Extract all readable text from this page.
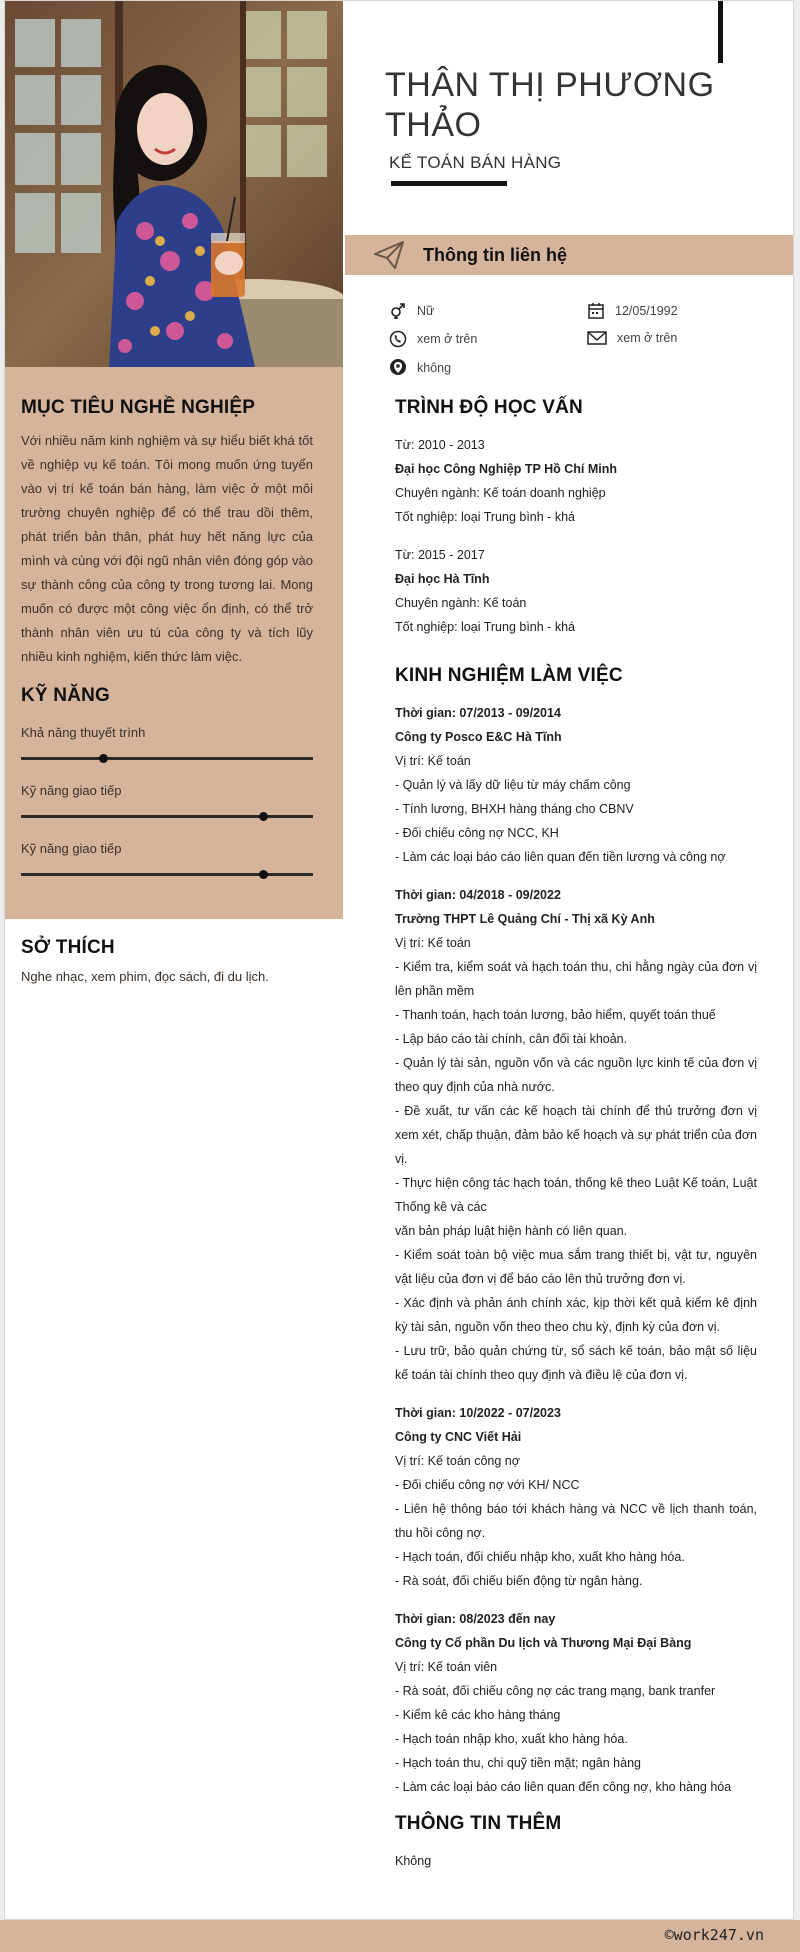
MỤC TIÊU NGHỀ NGHIỆP

Với nhiều năm kinh nghiệm và sự hiểu biết khá tốt về nghiệp vụ kế toán. Tôi mong muốn ứng tuyển vào vị trí kế toán bán hàng, làm việc ở một môi trường chuyên nghiệp để có thể trau dồi thêm, phát triển bản thân, phát huy hết năng lực của mình và cùng với đội ngũ nhân viên đóng góp vào sự thành công của công ty trong tương lai. Mong muốn có được một công việc ổn định, có thể trở thành nhân viên ưu tú của công ty và tích lũy nhiều kinh nghiệm, kiến thức làm việc.

KỸ NĂNG
Khả năng thuyết trình
Kỹ năng giao tiếp
Kỹ năng giao tiếp
SỞ THÍCH

Nghe nhạc, xem phim, đọc sách, đi du lịch.

THÂN THỊ PHƯƠNG THẢO
KẾ TOÁN BÁN HÀNG
Thông tin liên hệ
Nữ	12/05/1992
xem ở trên	xem ở trên
không
TRÌNH ĐỘ HỌC VẤN

Từ: 2010 - 2013

Đại học Công Nghiệp TP Hồ Chí Minh

Chuyên ngành: Kế toán doanh nghiệp

Tốt nghiệp: loại Trung bình - khá

Từ: 2015 - 2017

Đại học Hà Tĩnh

Chuyên ngành: Kế toán

Tốt nghiệp: loại Trung bình - khá

KINH NGHIỆM LÀM VIỆC

Thời gian: 07/2013 - 09/2014

Công ty Posco E&C Hà Tĩnh

Vị trí: Kế toán

- Quản lý và lấy dữ liệu từ máy chấm công

- Tính lương, BHXH hàng tháng cho CBNV

- Đối chiếu công nợ NCC, KH

- Làm các loại báo cáo liên quan đến tiền lương và công nợ

Thời gian: 04/2018 - 09/2022

Trường THPT Lê Quảng Chí - Thị xã Kỳ Anh

Vị trí: Kế toán

- Kiểm tra, kiểm soát và hạch toán thu, chi hằng ngày của đơn vị lên phần mềm

- Thanh toán, hạch toán lương, bảo hiểm, quyết toán thuế

- Lập báo cáo tài chính, cân đối tài khoản.

- Quản lý tài sản, nguồn vốn và các nguồn lực kinh tế của đơn vị theo quy định của nhà nước.

- Đề xuất, tư vấn các kế hoạch tài chính để thủ trưởng đơn vị xem xét, chấp thuận, đảm bảo kế hoạch và sự phát triển của đơn vị.

- Thực hiện công tác hạch toán, thống kê theo Luật Kế toán, Luật Thống kê và các

văn bản pháp luật hiện hành có liên quan.

- Kiểm soát toàn bộ việc mua sắm trang thiết bị, vật tư, nguyên vật liệu của đơn vị để báo cáo lên thủ trưởng đơn vị.

- Xác định và phản ánh chính xác, kịp thời kết quả kiểm kê định kỳ tài sản, nguồn vốn theo theo chu kỳ, định kỳ của đơn vị.

- Lưu trữ, bảo quản chứng từ, sổ sách kế toán, bảo mật số liệu kế toán tài chính theo quy định và điều lệ của đơn vị.

Thời gian: 10/2022 - 07/2023

Công ty CNC Viết Hải

Vị trí: Kế toán công nợ

- Đối chiếu công nợ với KH/ NCC

- Liên hệ thông báo tới khách hàng và NCC về lịch thanh toán, thu hồi công nợ.

- Hạch toán, đối chiếu nhập kho, xuất kho hàng hóa.

- Rà soát, đối chiếu biến động từ ngân hàng.

Thời gian: 08/2023 đến nay

Công ty Cổ phần Du lịch và Thương Mại Đại Bàng

Vị trí: Kế toán viên

- Rà soát, đối chiếu công nợ các trang mạng, bank tranfer

- Kiểm kê các kho hàng tháng

- Hạch toán nhập kho, xuất kho hàng hóa.

- Hạch toán thu, chi quỹ tiền mặt; ngân hàng

- Làm các loại báo cáo liên quan đến công nợ, kho hàng hóa

THÔNG TIN THÊM

Không

©work247.vn
